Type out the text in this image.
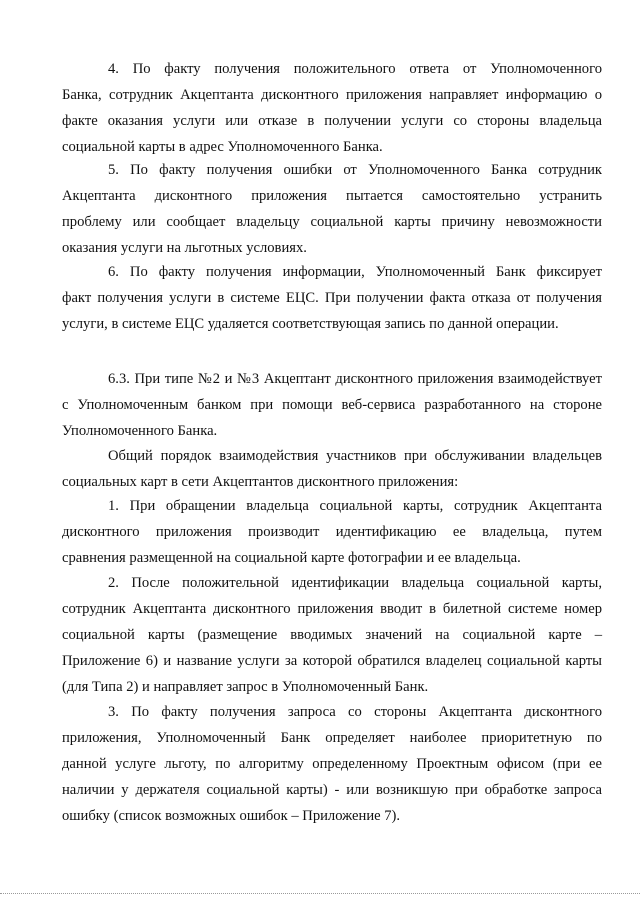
4. По факту получения положительного ответа от Уполномоченного
Банка, сотрудник Акцептанта дисконтного приложения направляет информацию о
факте оказания услуги или отказе в получении услуги со стороны владельца
социальной карты в адрес Уполномоченного Банка.
5. По факту получения ошибки от Уполномоченного Банка сотрудник
Акцептанта дисконтного приложения пытается самостоятельно устранить
проблему или сообщает владельцу социальной карты причину невозможности
оказания услуги на льготных условиях.
6. По факту получения информации, Уполномоченный Банк фиксирует
факт получения услуги в системе ЕЦС. При получении факта отказа от получения
услуги, в системе ЕЦС удаляется соответствующая запись по данной операции.
6.3. При типе №2 и №3 Акцептант дисконтного приложения взаимодействует
с Уполномоченным банком при помощи веб-сервиса разработанного на стороне
Уполномоченного Банка.
Общий порядок взаимодействия участников при обслуживании владельцев
социальных карт в сети Акцептантов дисконтного приложения:
1. При обращении владельца социальной карты, сотрудник Акцептанта
дисконтного приложения производит идентификацию ее владельца, путем
сравнения размещенной на социальной карте фотографии и ее владельца.
2. После положительной идентификации владельца социальной карты,
сотрудник Акцептанта дисконтного приложения вводит в билетной системе номер
социальной карты (размещение вводимых значений на социальной карте –
Приложение 6) и название услуги за которой обратился владелец социальной карты
(для Типа 2) и направляет запрос в Уполномоченный Банк.
3. По факту получения запроса со стороны Акцептанта дисконтного
приложения, Уполномоченный Банк определяет наиболее приоритетную по
данной услуге льготу, по алгоритму определенному Проектным офисом (при ее
наличии у держателя социальной карты) - или возникшую при обработке запроса
ошибку (список возможных ошибок – Приложение 7).
